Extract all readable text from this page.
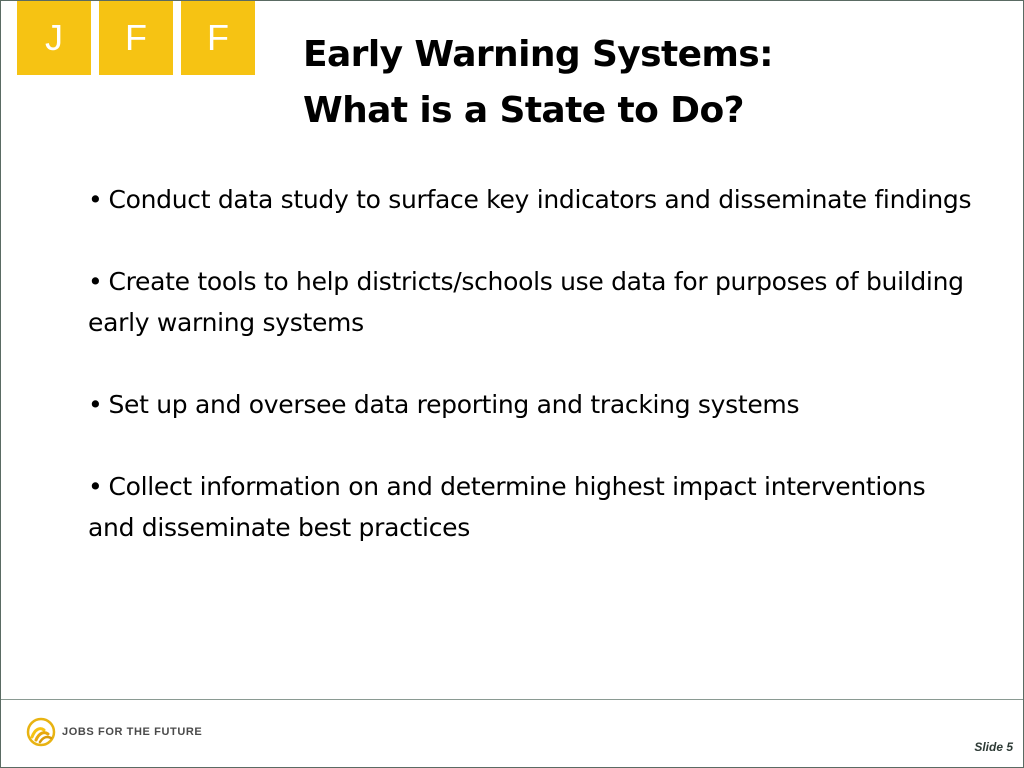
J	F	F	Early Warning Systems:
What is a State to Do?
• Conduct data study to surface key indicators and disseminate findings
• Create tools to help districts/schools use data for purposes of building early warning systems
• Set up and oversee data reporting and tracking systems
• Collect information on and determine highest impact interventions and disseminate best practices
JOBS FOR THE FUTURE
Slide 5
